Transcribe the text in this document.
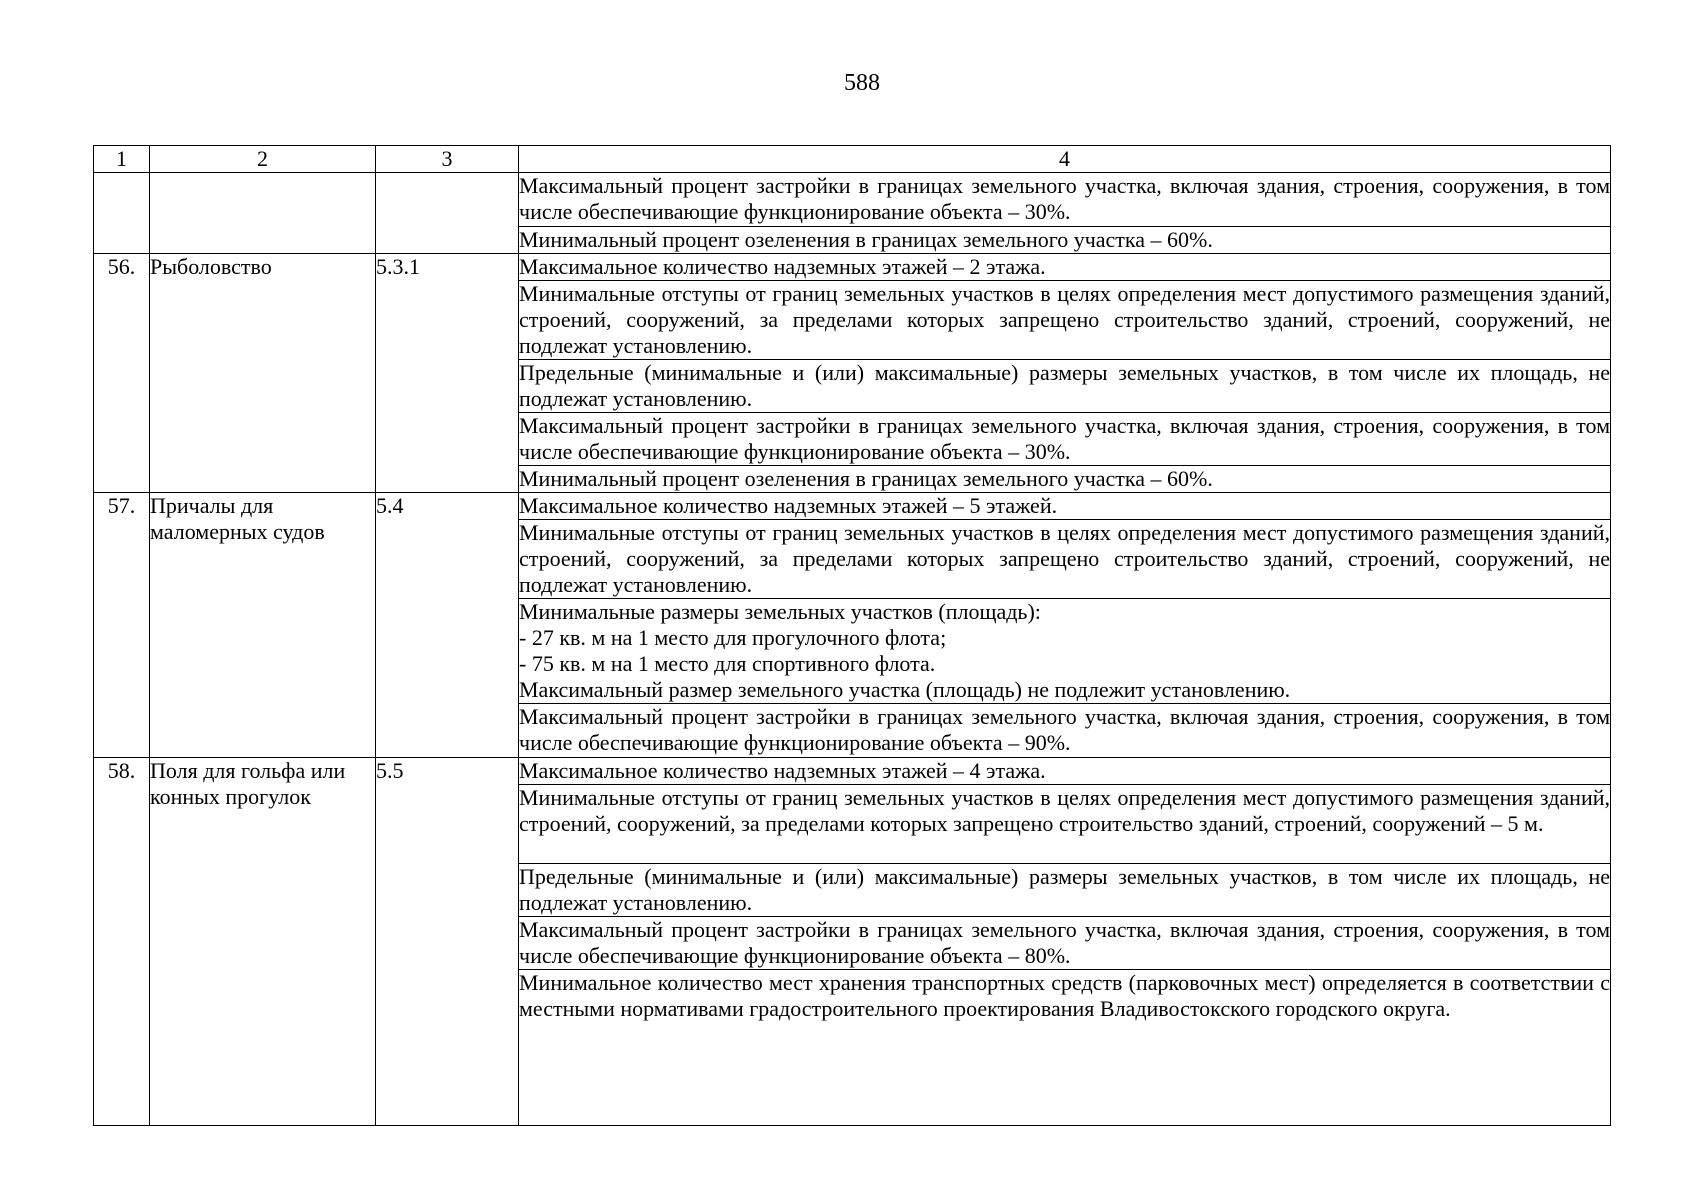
588
1	2	3	4
			Максимальный процент застройки в границах земельного участка, включая здания, строения, сооружения, в том числе обеспечивающие функционирование объекта – 30%.
			Минимальный процент озеленения в границах земельного участка – 60%.
56.	Рыболовство	5.3.1	Максимальное количество надземных этажей – 2 этажа.
			Минимальные отступы от границ земельных участков в целях определения мест допустимого размещения зданий, строений, сооружений, за пределами которых запрещено строительство зданий, строений, сооружений, не подлежат установлению.
			Предельные (минимальные и (или) максимальные) размеры земельных участков, в том числе их площадь, не подлежат установлению.
			Максимальный процент застройки в границах земельного участка, включая здания, строения, сооружения, в том числе обеспечивающие функционирование объекта – 30%.
			Минимальный процент озеленения в границах земельного участка – 60%.
57.	Причалы для маломерных судов	5.4	Максимальное количество надземных этажей – 5 этажей.
			Минимальные отступы от границ земельных участков в целях определения мест допустимого размещения зданий, строений, сооружений, за пределами которых запрещено строительство зданий, строений, сооружений, не подлежат установлению.

			Минимальные размеры земельных участков (площадь):
- 27 кв. м на 1 место для прогулочного флота;
- 75 кв. м на 1 место для спортивного флота.
Максимальный размер земельного участка (площадь) не подлежит установлению.

			Максимальный процент застройки в границах земельного участка, включая здания, строения, сооружения, в том числе обеспечивающие функционирование объекта – 90%.
58.	Поля для гольфа или конных прогулок	5.5	Максимальное количество надземных этажей – 4 этажа.
			Минимальные отступы от границ земельных участков в целях определения мест допустимого размещения зданий, строений, сооружений, за пределами которых запрещено строительство зданий, строений, сооружений – 5 м.
			Предельные (минимальные и (или) максимальные) размеры земельных участков, в том числе их площадь, не подлежат установлению.
			Максимальный процент застройки в границах земельного участка, включая здания, строения, сооружения, в том числе обеспечивающие функционирование объекта – 80%.
			Минимальное количество мест хранения транспортных средств (парковочных мест) определяется в соответствии с местными нормативами градостроительного проектирования Владивостокского городского округа.
